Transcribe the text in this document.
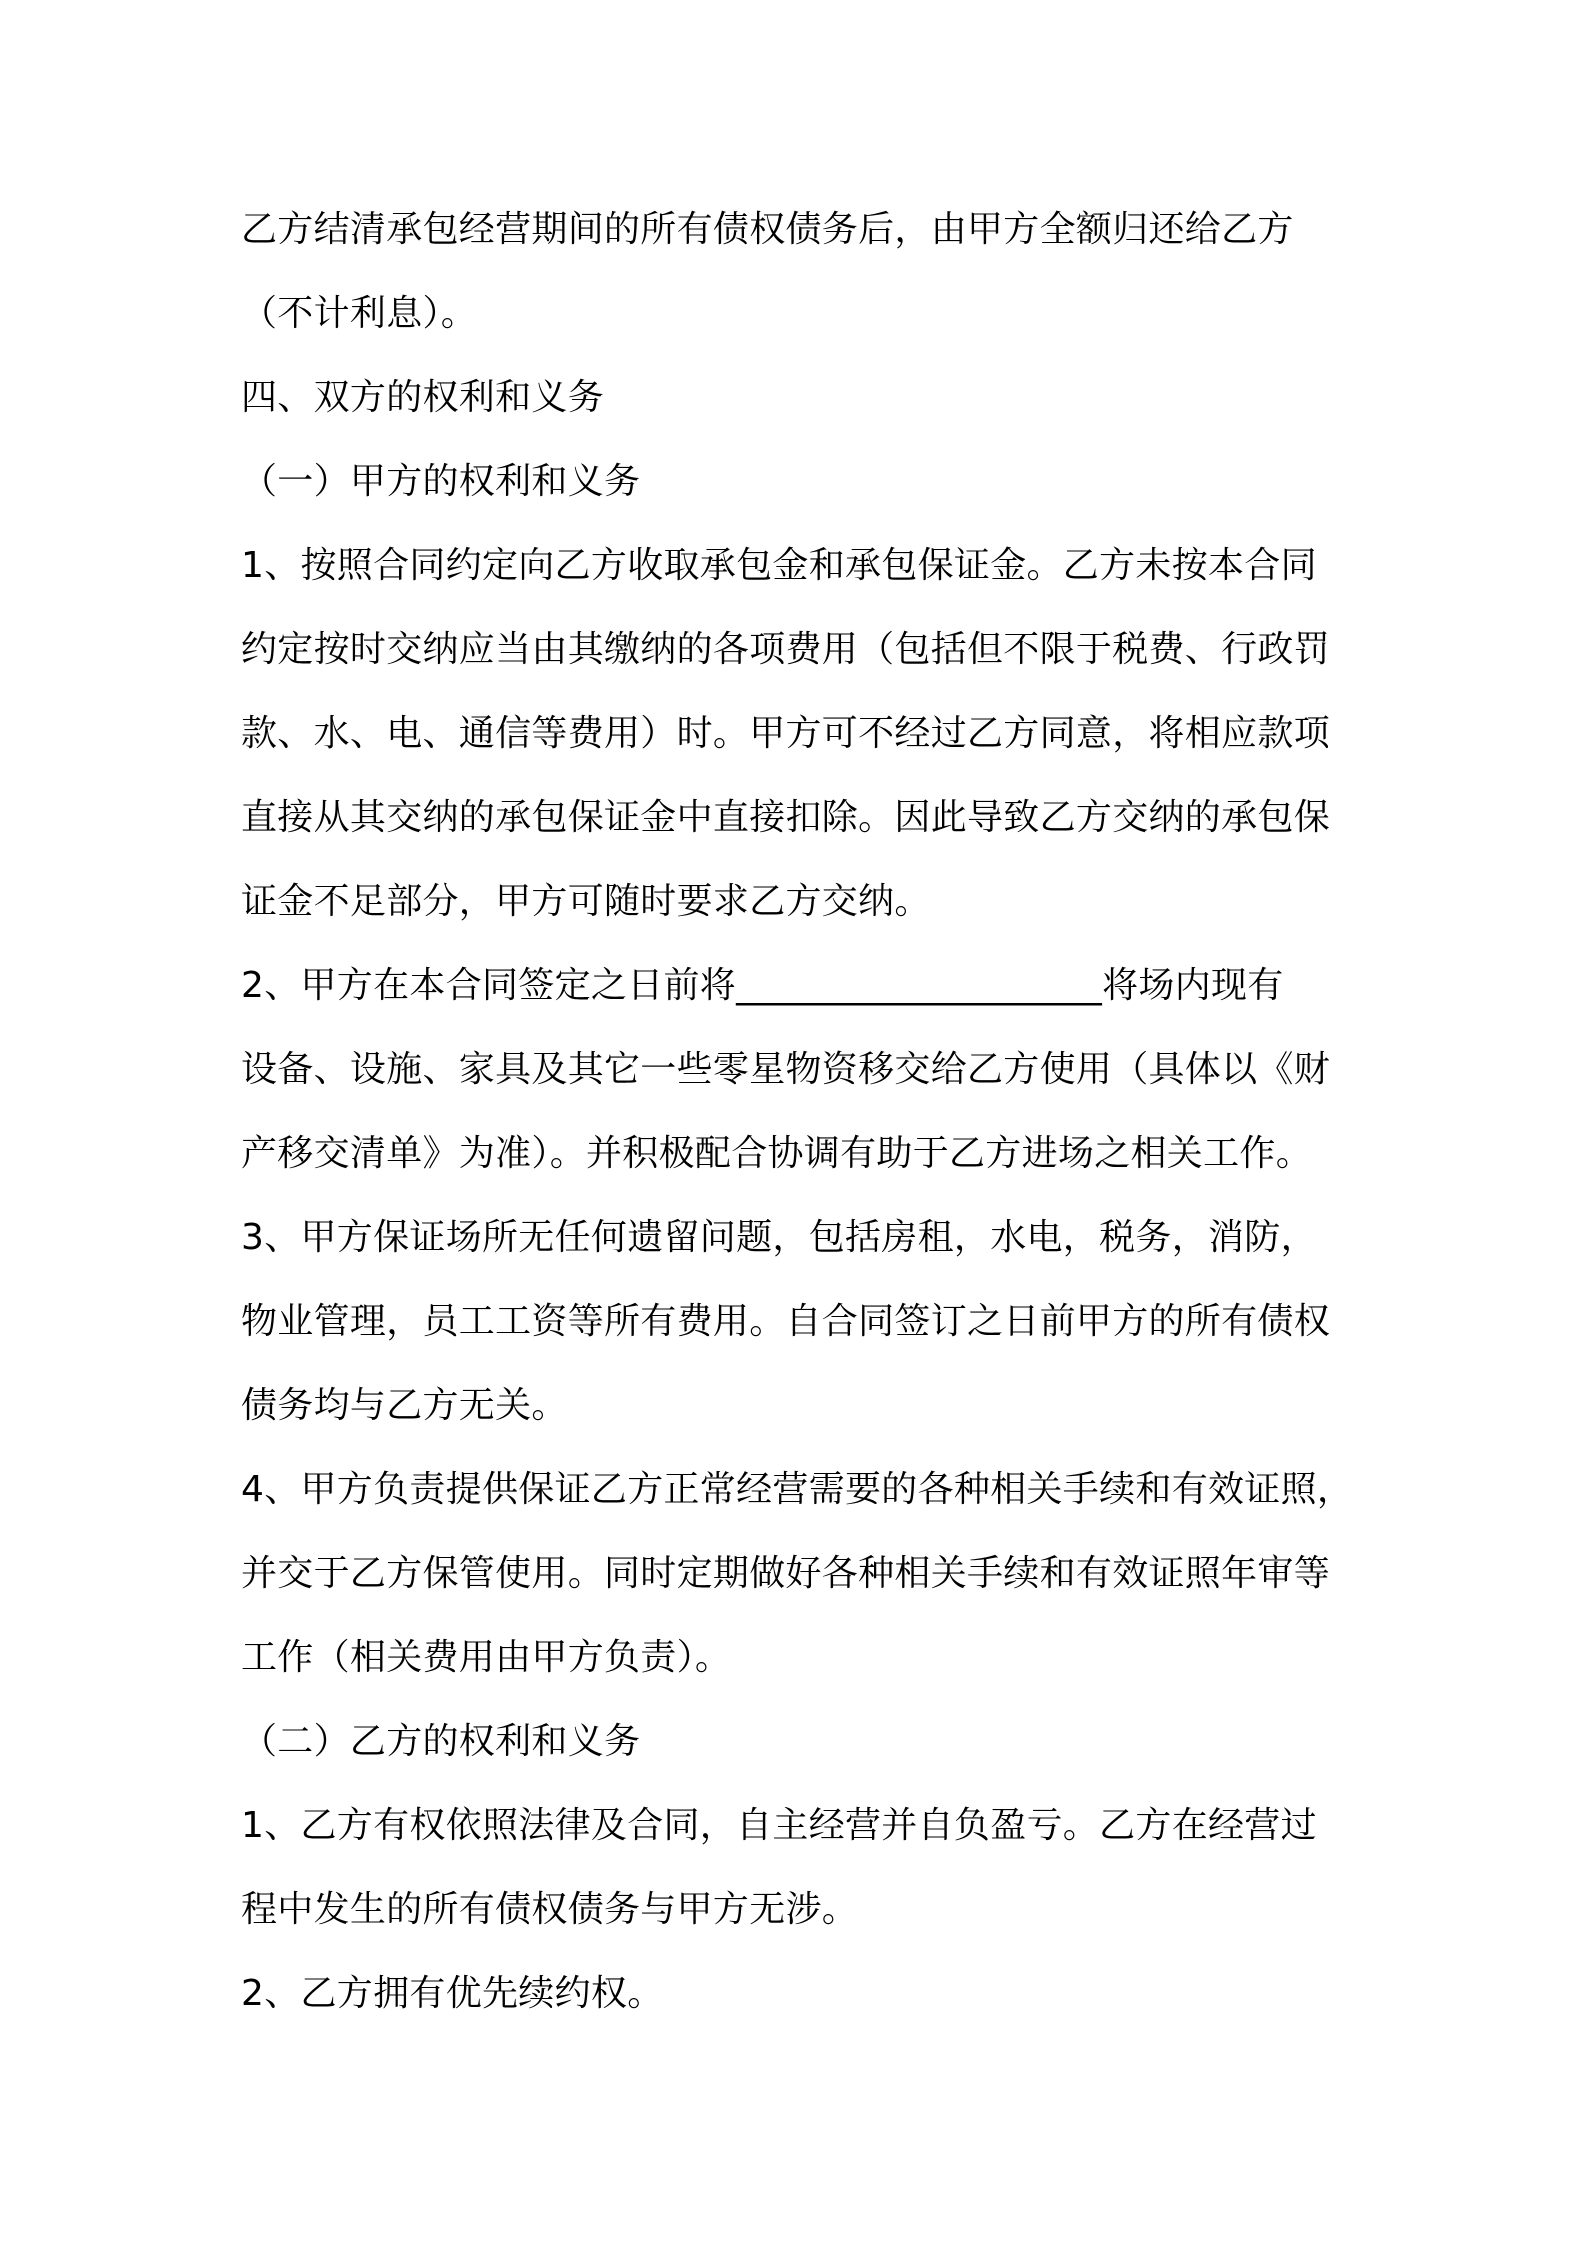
乙方结清承包经营期间的所有债权债务后，由甲方全额归还给乙方

（不计利息）。

四、双方的权利和义务

（一）甲方的权利和义务

1、按照合同约定向乙方收取承包金和承包保证金。乙方未按本合同

约定按时交纳应当由其缴纳的各项费用（包括但不限于税费、行政罚

款、水、电、通信等费用）时。甲方可不经过乙方同意，将相应款项

直接从其交纳的承包保证金中直接扣除。因此导致乙方交纳的承包保

证金不足部分，甲方可随时要求乙方交纳。

2、甲方在本合同签定之日前将____________________将场内现有

设备、设施、家具及其它一些零星物资移交给乙方使用（具体以《财

产移交清单》为准）。并积极配合协调有助于乙方进场之相关工作。

3、甲方保证场所无任何遗留问题，包括房租，水电，税务，消防，

物业管理，员工工资等所有费用。自合同签订之日前甲方的所有债权

债务均与乙方无关。

4、甲方负责提供保证乙方正常经营需要的各种相关手续和有效证照，

并交于乙方保管使用。同时定期做好各种相关手续和有效证照年审等

工作（相关费用由甲方负责）。

（二）乙方的权利和义务

1、乙方有权依照法律及合同，自主经营并自负盈亏。乙方在经营过

程中发生的所有债权债务与甲方无涉。

2、乙方拥有优先续约权。
